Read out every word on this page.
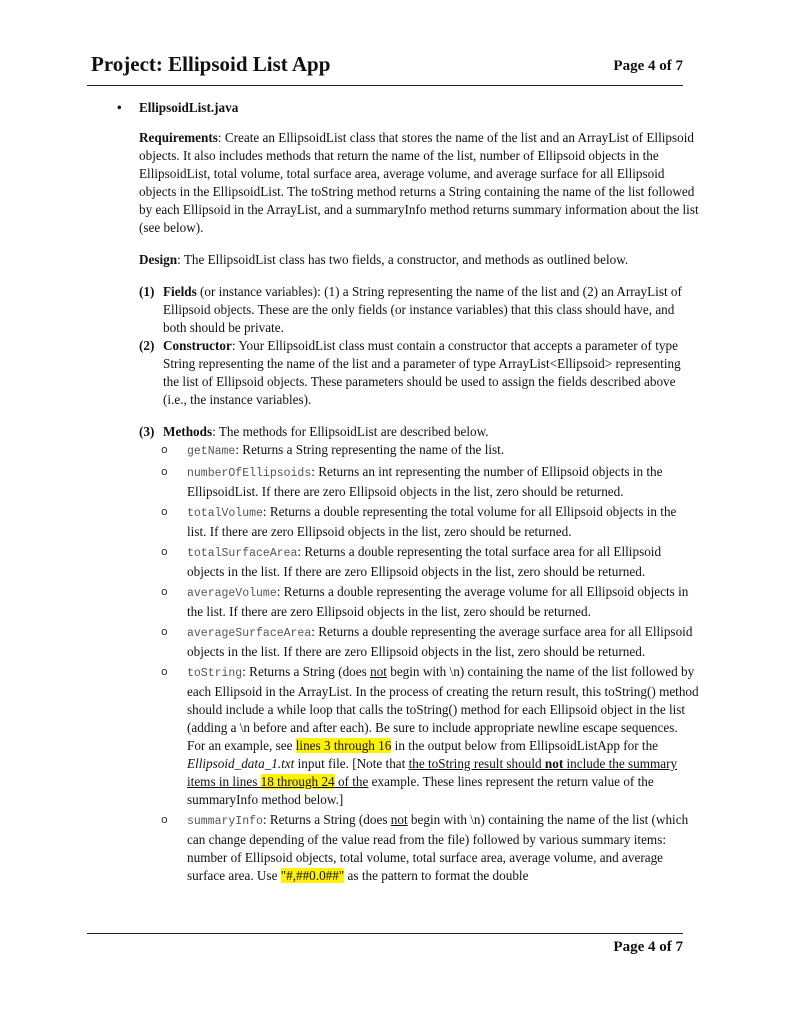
Project: Ellipsoid List App	Page 4 of 7
• EllipsoidList.java

Requirements: Create an EllipsoidList class that stores the name of the list and an ArrayList of Ellipsoid objects. It also includes methods that return the name of the list, number of Ellipsoid objects in the EllipsoidList, total volume, total surface area, average volume, and average surface for all Ellipsoid objects in the EllipsoidList. The toString method returns a String containing the name of the list followed by each Ellipsoid in the ArrayList, and a summaryInfo method returns summary information about the list (see below).

Design: The EllipsoidList class has two fields, a constructor, and methods as outlined below.

(1) Fields (or instance variables): (1) a String representing the name of the list and (2) an ArrayList of Ellipsoid objects. These are the only fields (or instance variables) that this class should have, and both should be private.
(2) Constructor: Your EllipsoidList class must contain a constructor that accepts a parameter of type String representing the name of the list and a parameter of type ArrayList<Ellipsoid> representing the list of Ellipsoid objects. These parameters should be used to assign the fields described above (i.e., the instance variables).
(3) Methods: The methods for EllipsoidList are described below.
o getName: Returns a String representing the name of the list.
o numberOfEllipsoids: Returns an int representing the number of Ellipsoid objects in the EllipsoidList. If there are zero Ellipsoid objects in the list, zero should be returned.
o totalVolume: Returns a double representing the total volume for all Ellipsoid objects in the list. If there are zero Ellipsoid objects in the list, zero should be returned.
o totalSurfaceArea: Returns a double representing the total surface area for all Ellipsoid objects in the list. If there are zero Ellipsoid objects in the list, zero should be returned.
o averageVolume: Returns a double representing the average volume for all Ellipsoid objects in the list. If there are zero Ellipsoid objects in the list, zero should be returned.
o averageSurfaceArea: Returns a double representing the average surface area for all Ellipsoid objects in the list. If there are zero Ellipsoid objects in the list, zero should be returned.
o toString: Returns a String (does not begin with \n) containing the name of the list followed by each Ellipsoid in the ArrayList. In the process of creating the return result, this toString() method should include a while loop that calls the toString() method for each Ellipsoid object in the list (adding a \n before and after each). Be sure to include appropriate newline escape sequences. For an example, see lines 3 through 16 in the output below from EllipsoidListApp for the Ellipsoid_data_1.txt input file. [Note that the toString result should not include the summary items in lines 18 through 24 of the example. These lines represent the return value of the summaryInfo method below.]
o summaryInfo: Returns a String (does not begin with \n) containing the name of the list (which can change depending of the value read from the file) followed by various summary items: number of Ellipsoid objects, total volume, total surface area, average volume, and average surface area. Use "#,##0.0##" as the pattern to format the double
Page 4 of 7
